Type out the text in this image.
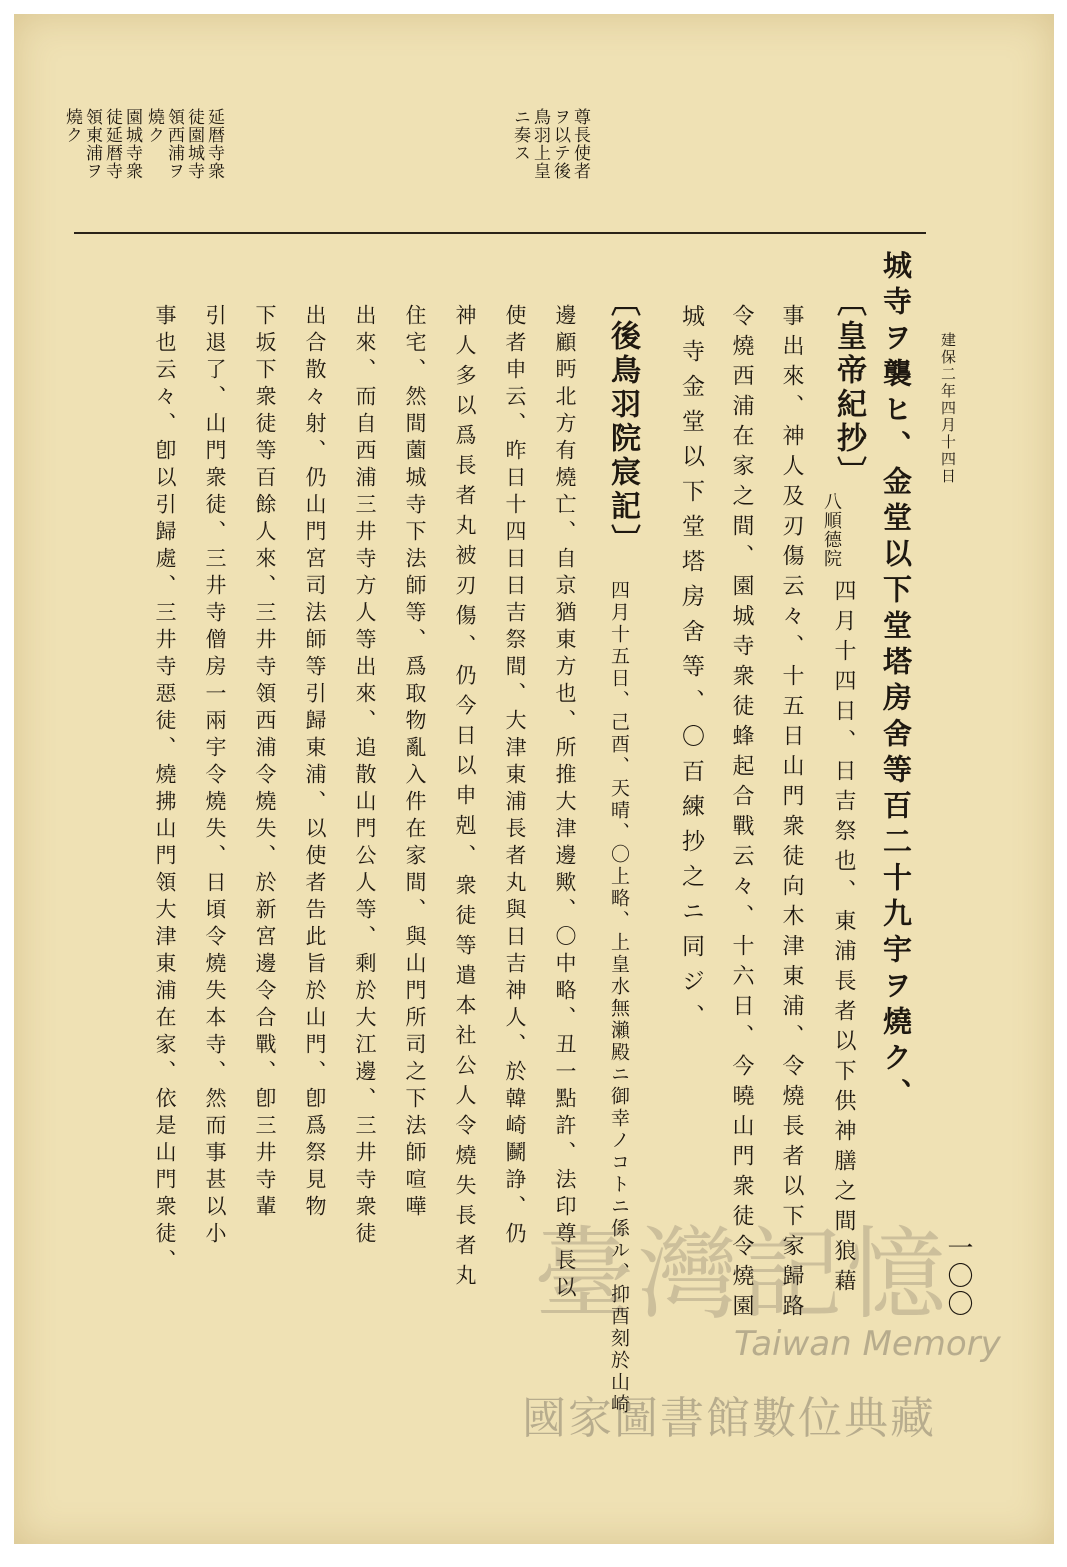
延暦寺衆
徒園城寺
領西浦ヲ
燒ク
園城寺衆
徒延暦寺
領東浦ヲ
燒ク	尊長使者
ヲ以テ後
鳥羽上皇
ニ奏ス
建保二年四月十四日
城寺ヲ襲ヒ、金堂以下堂塔房舍等百二十九宇ヲ燒ク、
〔皇帝紀抄〕
八順德院
四月十四日、日吉祭也、東浦長者以下供神膳之間狼藉
事出來、神人及刃傷云々、十五日山門衆徒向木津東浦、令燒長者以下家歸路
令燒西浦在家之間、園城寺衆徒蜂起合戰云々、十六日、今曉山門衆徒令燒園
城寺金堂以下堂塔房舍等、〇百練抄之ニ同ジ、
〔後鳥羽院宸記〕
四月十五日、己酉、天晴、〇上略、上皇水無瀨殿ニ御幸ノコトニ係ル、抑酉刻於山崎
邊顧眄北方有燒亡、自京猶東方也、所推大津邊歟、〇中略、丑一點許、法印尊長以
使者申云、昨日十四日日吉祭間、大津東浦長者丸與日吉神人、於韓崎鬭諍、仍
神人多以爲長者丸被刃傷、仍今日以申剋、衆徒等遣本社公人令燒失長者丸
住宅、然間薗城寺下法師等、爲取物亂入件在家間、與山門所司之下法師喧嘩
出來、而自西浦三井寺方人等出來、追散山門公人等、剩於大江邊、三井寺衆徒
出合散々射、仍山門宮司法師等引歸東浦、以使者告此旨於山門、卽爲祭見物
下坂下衆徒等百餘人來、三井寺領西浦令燒失、於新宮邊令合戰、卽三井寺輩
引退了、山門衆徒、三井寺僧房一兩宇令燒失、日頃令燒失本寺、然而事甚以小
事也云々、卽以引歸處、三井寺惡徒、燒拂山門領大津東浦在家、依是山門衆徒、	一〇〇
臺灣記憶
Taiwan Memory
國家圖書館數位典藏
